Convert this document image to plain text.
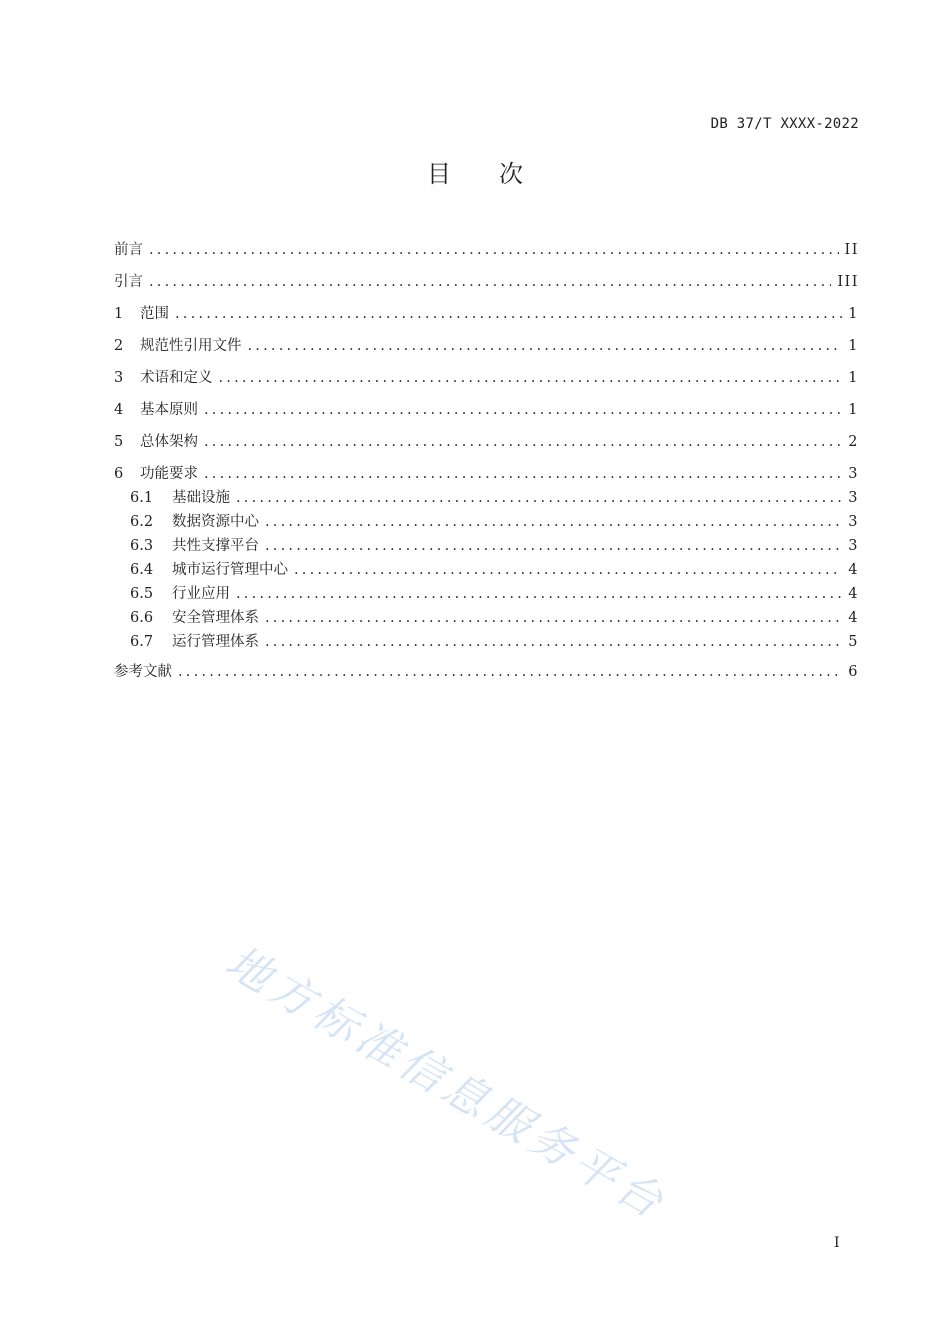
DB 37/T XXXX-2022
目 次
前言 .....	II
引言 .....	III
1	范围 .....	1
2	规范性引用文件 .....	1
3	术语和定义 .....	1
4	基本原则 .....	1
5	总体架构 .....	2
6	功能要求 .....	3
6.1	基础设施 .....	3
6.2	数据资源中心 .....	3
6.3	共性支撑平台 .....	3
6.4	城市运行管理中心 .....	4
6.5	行业应用 .....	4
6.6	安全管理体系 .....	4
6.7	运行管理体系 .....	5
参考文献 .....	6
地方标准信息服务平台
I
